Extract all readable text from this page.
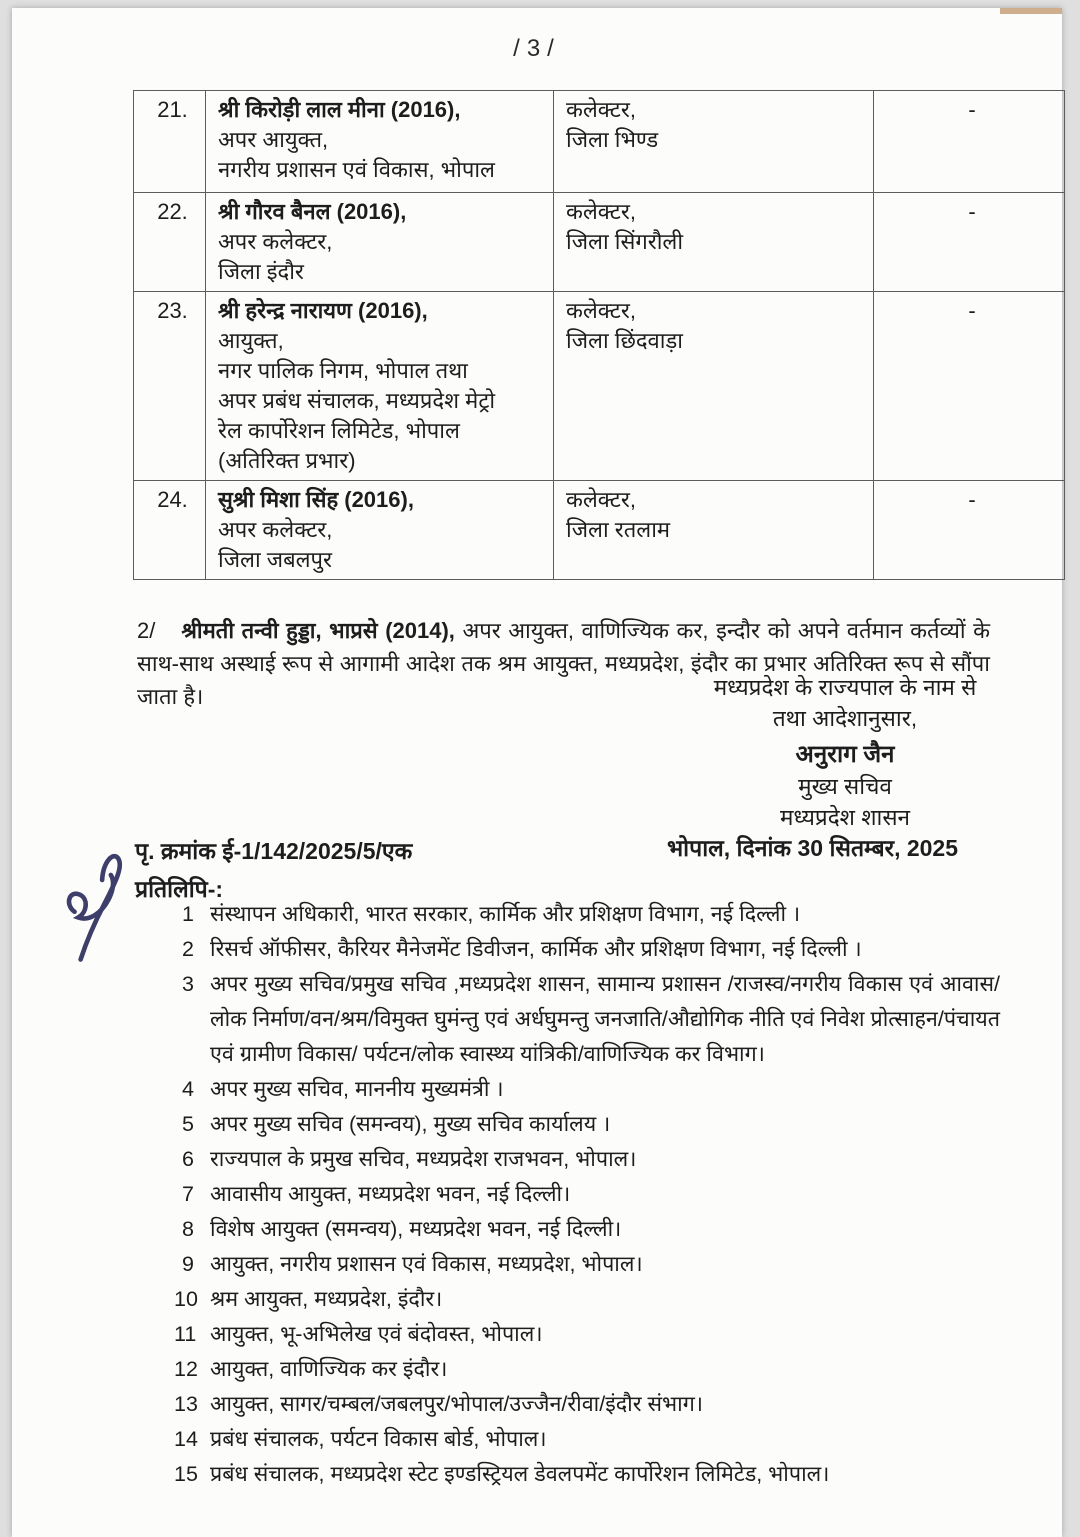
/3/
21.	श्री किरोड़ी लाल मीना (2016),
अपर आयुक्त,
नगरीय प्रशासन एवं विकास, भोपाल

कलेक्टर,
जिला भिण्ड
	-
22.	श्री गौरव बैनल (2016),
अपर कलेक्टर,
जिला इंदौर

कलेक्टर,
जिला सिंगरौली
	-
23.	श्री हरेन्द्र नारायण (2016),
आयुक्त,
नगर पालिक निगम, भोपाल तथा
अपर प्रबंध संचालक, मध्यप्रदेश मेट्रो
रेल कार्पोरेशन लिमिटेड, भोपाल
(अतिरिक्त प्रभार)

कलेक्टर,
जिला छिंदवाड़ा
	-
24.	सुश्री मिशा सिंह (2016),
अपर कलेक्टर,
जिला जबलपुर

कलेक्टर,
जिला रतलाम
	-

2/ श्रीमती तन्वी हुड्डा, भाप्रसे (2014), अपर आयुक्त, वाणिज्यिक कर, इन्दौर को अपने वर्तमान कर्तव्यों के साथ-साथ अस्थाई रूप से आगामी आदेश तक श्रम आयुक्त, मध्यप्रदेश, इंदौर का प्रभार अतिरिक्त रूप से सौंपा जाता है।	मध्यप्रदेश के राज्यपाल के नाम से
तथा आदेशानुसार,
अनुराग जैन
मुख्य सचिव
मध्यप्रदेश शासन
पृ. क्रमांक ई-1/142/2025/5/एक	भोपाल, दिनांक 30 सितम्बर, 2025
प्रतिलिपि-:
1 संस्थापन अधिकारी, भारत सरकार, कार्मिक और प्रशिक्षण विभाग, नई दिल्ली ।
2 रिसर्च ऑफीसर, कैरियर मैनेजमेंट डिवीजन, कार्मिक और प्रशिक्षण विभाग, नई दिल्ली ।
3 अपर मुख्य सचिव/प्रमुख सचिव ,मध्यप्रदेश शासन, सामान्य प्रशासन /राजस्व/नगरीय विकास एवं आवास/लोक निर्माण/वन/श्रम/विमुक्त घुमंन्तु एवं अर्धघुमन्तु जनजाति/औद्योगिक नीति एवं निवेश प्रोत्साहन/पंचायत एवं ग्रामीण विकास/ पर्यटन/लोक स्वास्थ्य यांत्रिकी/वाणिज्यिक कर विभाग।
4 अपर मुख्य सचिव, माननीय मुख्यमंत्री ।
5 अपर मुख्य सचिव (समन्वय), मुख्य सचिव कार्यालय ।
6 राज्यपाल के प्रमुख सचिव, मध्यप्रदेश राजभवन, भोपाल।
7 आवासीय आयुक्त, मध्यप्रदेश भवन, नई दिल्ली।
8 विशेष आयुक्त (समन्वय), मध्यप्रदेश भवन, नई दिल्ली।
9 आयुक्त, नगरीय प्रशासन एवं विकास, मध्यप्रदेश, भोपाल।
10 श्रम आयुक्त, मध्यप्रदेश, इंदौर।
11 आयुक्त, भू-अभिलेख एवं बंदोवस्त, भोपाल।
12 आयुक्त, वाणिज्यिक कर इंदौर।
13 आयुक्त, सागर/चम्बल/जबलपुर/भोपाल/उज्जैन/रीवा/इंदौर संभाग।
14 प्रबंध संचालक, पर्यटन विकास बोर्ड, भोपाल।
15 प्रबंध संचालक, मध्यप्रदेश स्टेट इण्डस्ट्रियल डेवलपमेंट कार्पोरेशन लिमिटेड, भोपाल।
